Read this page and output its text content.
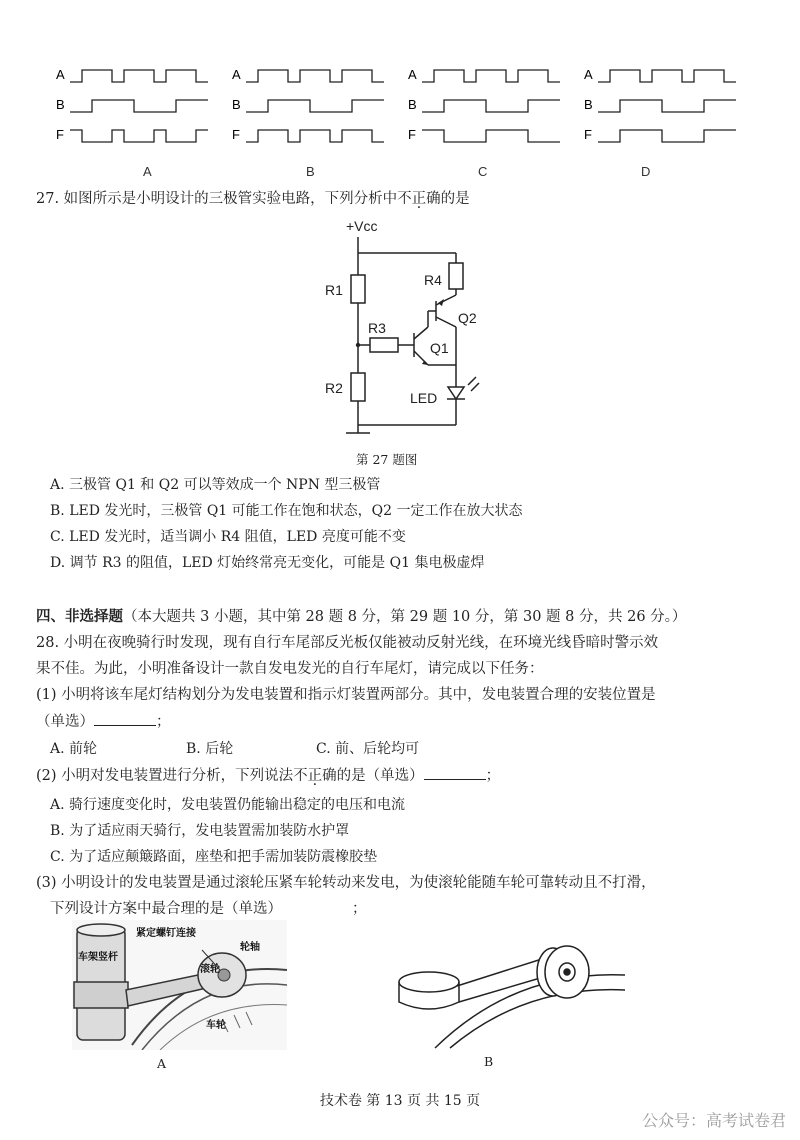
A
B
F
A
B
F
A
B
F
A
B
F
A	B	C	D
27. 如图所示是小明设计的三极管实验电路，下列分析中不正确的是
+Vcc
R1
R2
R3
R4
Q1
Q2
LED
第 27 题图
A. 三极管 Q1 和 Q2 可以等效成一个 NPN 型三极管
B. LED 发光时，三极管 Q1 可能工作在饱和状态，Q2 一定工作在放大状态
C. LED 发光时，适当调小 R4 阻值，LED 亮度可能不变
D. 调节 R3 的阻值，LED 灯始终常亮无变化，可能是 Q1 集电极虚焊
四、非选择题（本大题共 3 小题，其中第 28 题 8 分，第 29 题 10 分，第 30 题 8 分，共 26 分。）
28. 小明在夜晚骑行时发现，现有自行车尾部反光板仅能被动反射光线，在环境光线昏暗时警示效
果不佳。为此，小明准备设计一款自发电发光的自行车尾灯，请完成以下任务：
(1) 小明将该车尾灯结构划分为发电装置和指示灯装置两部分。其中，发电装置合理的安装位置是
（单选）	；
A. 前轮	B. 后轮	C. 前、后轮均可
(2) 小明对发电装置进行分析，下列说法不正确的是（单选）	；
A. 骑行速度变化时，发电装置仍能输出稳定的电压和电流
B. 为了适应雨天骑行，发电装置需加装防水护罩
C. 为了适应颠簸路面，座垫和把手需加装防震橡胶垫
(3) 小明设计的发电装置是通过滚轮压紧车轮转动来发电，为使滚轮能随车轮可靠转动且不打滑，
下列设计方案中最合理的是（单选）	；
车架竖杆
紧定螺钉连接
轮轴
滚轮
车轮
A	B
技术卷 第 13 页 共 15 页
公众号：高考试卷君
